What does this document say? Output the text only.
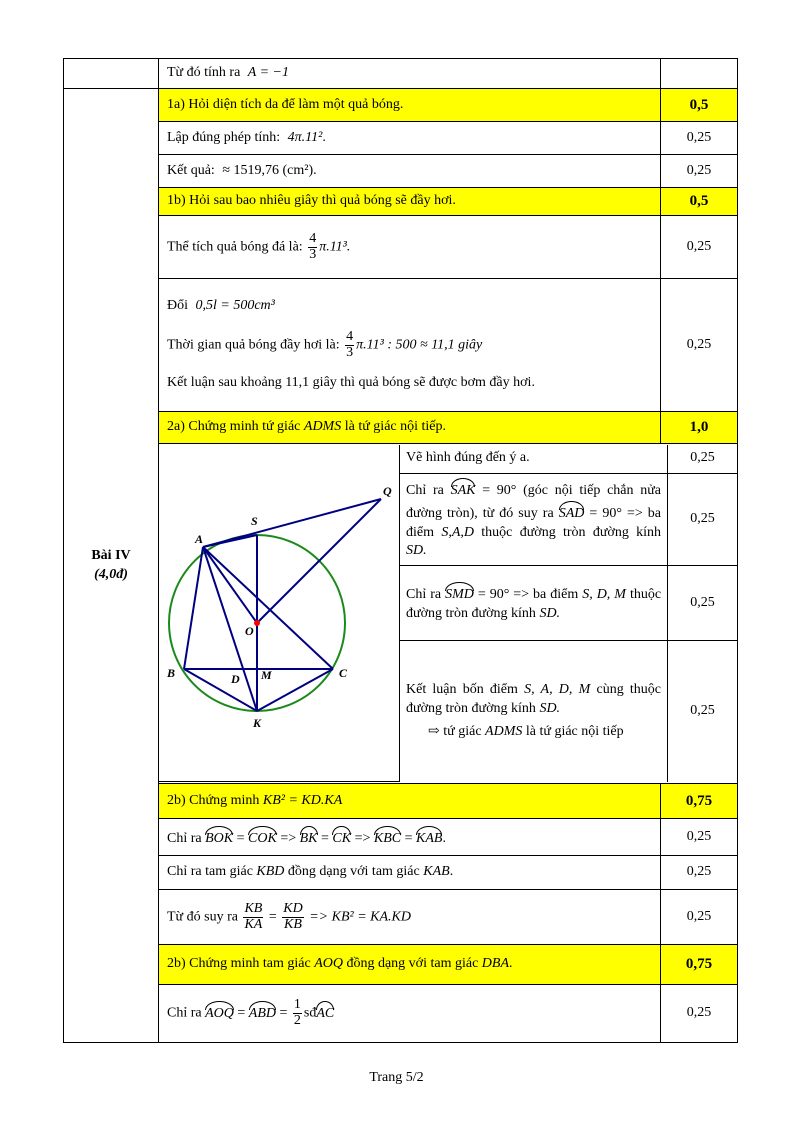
	Từ đó tính ra A = −1	

Bài IV
(4,0đ)
	1a) Hỏi diện tích da để làm một quả bóng.	0,5
Lập đúng phép tính: 4π.11².	0,25
Kết quả: ≈ 1519,76 (cm²).	0,25
1b) Hỏi sau bao nhiêu giây thì quả bóng sẽ đầy hơi.	0,5
Thể tích quả bóng đá là: $\frac{4}{3} \pi.11^3$.	0,25

Đổi 0,5l = 500cm³
Thời gian quả bóng đầy hơi là: $\frac{4}{3} \pi.11^3$ : 500 ≈ 11,1 giây
Kết luận sau khoảng 11,1 giây thì quả bóng sẽ được bơm đầy hơi.
	0,25
2a) Chứng minh tứ giác ADMS là tứ giác nội tiếp.	1,0

A
B	C
D M
K
S
O
Q
	Vẽ hình đúng đến ý a.	0,25
Chỉ ra SAK = 90° (góc nội tiếp chắn nửa đường tròn), từ đó suy ra SAD = 90° => ba điểm S,A,D thuộc đường tròn đường kính SD.	0,25
Chỉ ra SMD = 90° => ba điểm S, D, M thuộc đường tròn đường kính SD.	0,25

Kết luận bốn điểm S, A, D, M cùng thuộc đường tròn đường kính SD.
⇨ tứ giác ADMS là tứ giác nội tiếp
	0,25

2b) Chứng minh KB² = KD.KA	0,75
Chỉ ra BOK = COK => BK = CK => KBC = KAB.	0,25
Chỉ ra tam giác KBD đồng dạng với tam giác KAB.	0,25
Từ đó suy ra $\frac{KB}{KA} = \frac{KD}{KB} => KB^2 = KA.KD$	0,25
2b) Chứng minh tam giác AOQ đồng dạng với tam giác DBA.	0,75
Chỉ ra AOQ = ABD = $\frac{1}{2}$ sđAC	0,25
Trang 5/2
